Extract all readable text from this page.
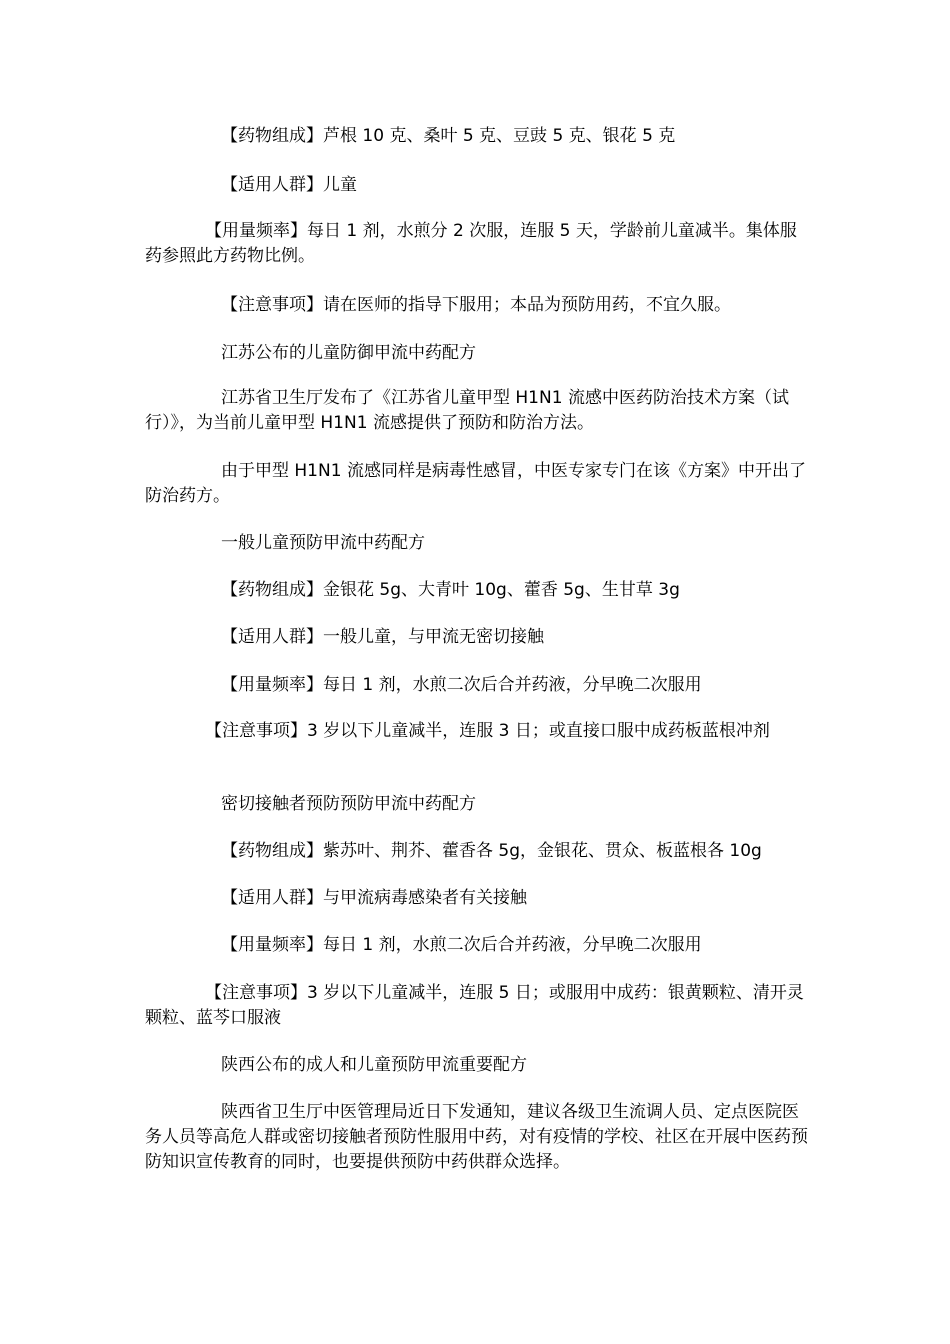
【药物组成】芦根 10 克、桑叶 5 克、豆豉 5 克、银花 5 克

【适用人群】儿童

【用量频率】每日 1 剂，水煎分 2 次服，连服 5 天，学龄前儿童减半。集体服药参照此方药物比例。

【注意事项】请在医师的指导下服用；本品为预防用药，不宜久服。

江苏公布的儿童防御甲流中药配方

江苏省卫生厅发布了《江苏省儿童甲型 H1N1 流感中医药防治技术方案（试行）》，为当前儿童甲型 H1N1 流感提供了预防和防治方法。

由于甲型 H1N1 流感同样是病毒性感冒，中医专家专门在该《方案》中开出了防治药方。

一般儿童预防甲流中药配方

【药物组成】金银花 5g、大青叶 10g、藿香 5g、生甘草 3g

【适用人群】一般儿童，与甲流无密切接触

【用量频率】每日 1 剂，水煎二次后合并药液，分早晚二次服用

【注意事项】3 岁以下儿童减半，连服 3 日；或直接口服中成药板蓝根冲剂

密切接触者预防预防甲流中药配方

【药物组成】紫苏叶、荆芥、藿香各 5g，金银花、贯众、板蓝根各 10g

【适用人群】与甲流病毒感染者有关接触

【用量频率】每日 1 剂，水煎二次后合并药液，分早晚二次服用

【注意事项】3 岁以下儿童减半，连服 5 日；或服用中成药：银黄颗粒、清开灵颗粒、蓝芩口服液

陕西公布的成人和儿童预防甲流重要配方

陕西省卫生厅中医管理局近日下发通知，建议各级卫生流调人员、定点医院医务人员等高危人群或密切接触者预防性服用中药，对有疫情的学校、社区在开展中医药预防知识宣传教育的同时，也要提供预防中药供群众选择。
